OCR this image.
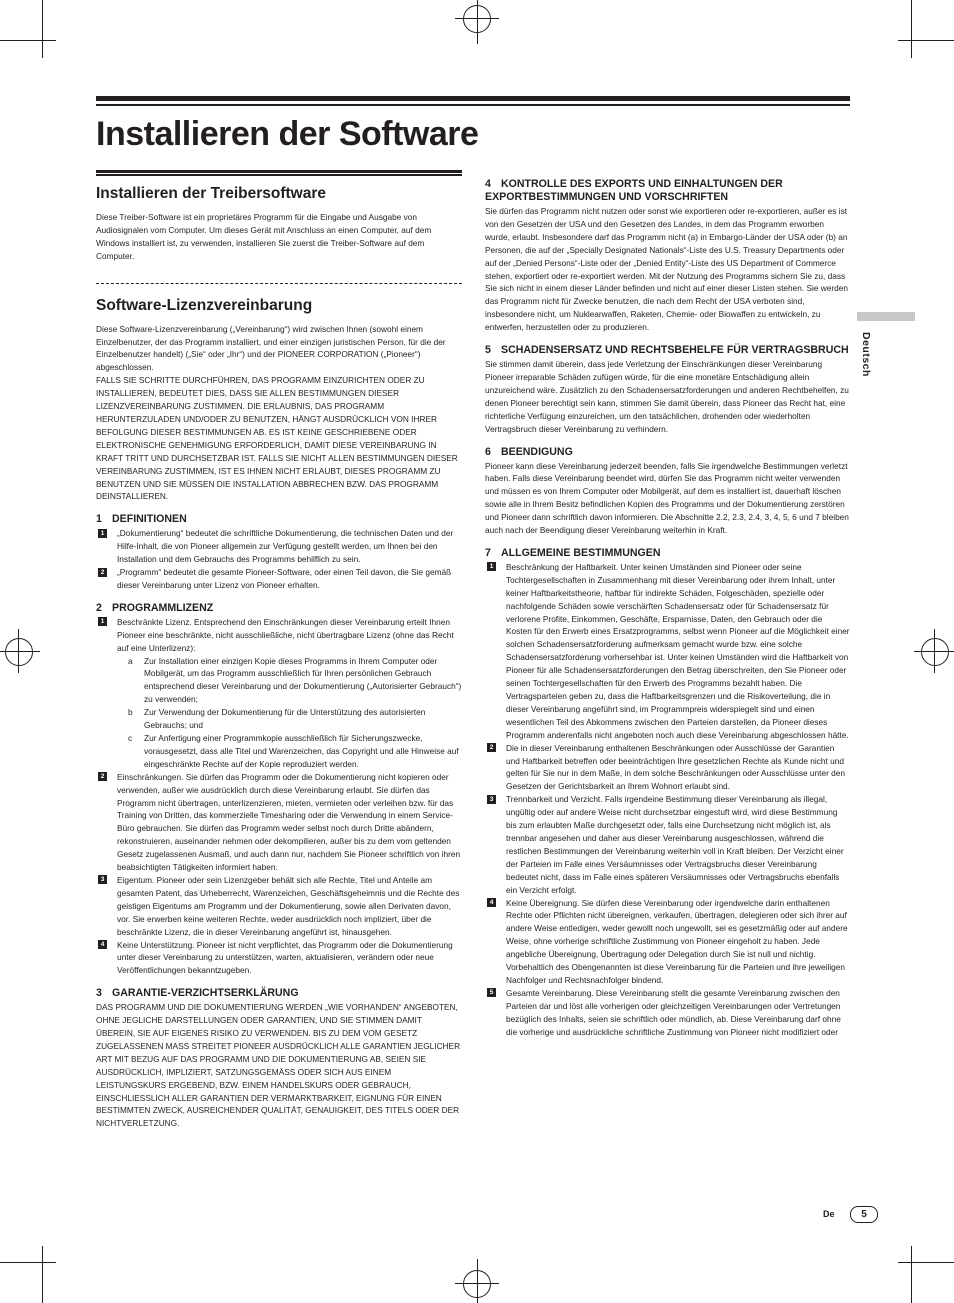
Installieren der Software
Deutsch
Installieren der Treibersoftware

Diese Treiber-Software ist ein proprietäres Programm für die Eingabe und Ausgabe von Audiosignalen vom Computer. Um dieses Gerät mit Anschluss an einen Computer, auf dem Windows installiert ist, zu verwenden, installieren Sie zuerst die Treiber-Software auf dem Computer.

Software-Lizenzvereinbarung

Diese Software-Lizenzvereinbarung („Vereinbarung“) wird zwischen Ihnen (sowohl einem Einzelbenutzer, der das Programm installiert, und einer einzigen juristischen Person, für die der Einzelbenutzer handelt) („Sie“ oder „Ihr“) und der PIONEER CORPORATION („Pioneer“) abgeschlossen.

FALLS SIE SCHRITTE DURCHFÜHREN, DAS PROGRAMM EINZURICHTEN ODER ZU INSTALLIEREN, BEDEUTET DIES, DASS SIE ALLEN BESTIMMUNGEN DIESER LIZENZVEREINBARUNG ZUSTIMMEN. DIE ERLAUBNIS, DAS PROGRAMM HERUNTERZULADEN UND/ODER ZU BENUTZEN, HÄNGT AUSDRÜCKLICH VON IHRER BEFOLGUNG DIESER BESTIMMUNGEN AB. ES IST KEINE GESCHRIEBENE ODER ELEKTRONISCHE GENEHMIGUNG ERFORDERLICH, DAMIT DIESE VEREINBARUNG IN KRAFT TRITT UND DURCHSETZBAR IST. FALLS SIE NICHT ALLEN BESTIMMUNGEN DIESER VEREINBARUNG ZUSTIMMEN, IST ES IHNEN NICHT ERLAUBT, DIESES PROGRAMM ZU BENUTZEN UND SIE MÜSSEN DIE INSTALLATION ABBRECHEN BZW. DAS PROGRAMM DEINSTALLIEREN.

1 DEFINITIONEN
1	„Dokumentierung“ bedeutet die schriftliche Dokumentierung, die technischen Daten und der Hilfe-Inhalt, die von Pioneer allgemein zur Verfügung gestellt werden, um Ihnen bei den Installation und dem Gebrauchs des Programms behilflich zu sein.
2	„Programm“ bedeutet die gesamte Pioneer-Software, oder einen Teil davon, die Sie gemäß dieser Vereinbarung unter Lizenz von Pioneer erhalten.
2 PROGRAMMLIZENZ
1	Beschränkte Lizenz. Entsprechend den Einschränkungen dieser Vereinbarung erteilt Ihnen Pioneer eine beschränkte, nicht ausschließliche, nicht übertragbare Lizenz (ohne das Recht auf eine Unterlizenz):
a Zur Installation einer einzigen Kopie dieses Programms in Ihrem Computer oder Mobilgerät, um das Programm ausschließlich für Ihren persönlichen Gebrauch entsprechend dieser Vereinbarung und der Dokumentierung („Autorisierter Gebrauch“) zu verwenden;
b Zur Verwendung der Dokumentierung für die Unterstützung des autorisierten Gebrauchs; und
c Zur Anfertigung einer Programmkopie ausschließlich für Sicherungszwecke, vorausgesetzt, dass alle Titel und Warenzeichen, das Copyright und alle Hinweise auf eingeschränkte Rechte auf der Kopie reproduziert werden.
2	Einschränkungen. Sie dürfen das Programm oder die Dokumentierung nicht kopieren oder verwenden, außer wie ausdrücklich durch diese Vereinbarung erlaubt. Sie dürfen das Programm nicht übertragen, unterlizenzieren, mieten, vermieten oder verleihen bzw. für das Training von Dritten, das kommerzielle Timesharing oder die Verwendung in einem Service-Büro gebrauchen. Sie dürfen das Programm weder selbst noch durch Dritte abändern, rekonstruieren, auseinander nehmen oder dekompilieren, außer bis zu dem vom geltenden Gesetz zugelassenen Ausmaß, und auch dann nur, nachdem Sie Pioneer schriftlich von ihren beabsichtigten Tätigkeiten informiert haben.
3	Eigentum. Pioneer oder sein Lizenzgeber behält sich alle Rechte, Titel und Anteile am gesamten Patent, das Urheberrecht, Warenzeichen, Geschäftsgeheimnis und die Rechte des geistigen Eigentums am Programm und der Dokumentierung, sowie allen Derivaten davon, vor. Sie erwerben keine weiteren Rechte, weder ausdrücklich noch impliziert, über die beschränkte Lizenz, die in dieser Vereinbarung angeführt ist, hinausgehen.
4	Keine Unterstützung. Pioneer ist nicht verpflichtet, das Programm oder die Dokumentierung unter dieser Vereinbarung zu unterstützen, warten, aktualisieren, verändern oder neue Veröffentlichungen bekanntzugeben.
3 GARANTIE-VERZICHTSERKLÄRUNG

DAS PROGRAMM UND DIE DOKUMENTIERUNG WERDEN „WIE VORHANDEN“ ANGEBOTEN, OHNE JEGLICHE DARSTELLUNGEN ODER GARANTIEN, UND SIE STIMMEN DAMIT ÜBEREIN, SIE AUF EIGENES RISIKO ZU VERWENDEN. BIS ZU DEM VOM GESETZ ZUGELASSENEN MASS STREITET PIONEER AUSDRÜCKLICH ALLE GARANTIEN JEGLICHER ART MIT BEZUG AUF DAS PROGRAMM UND DIE DOKUMENTIERUNG AB, SEIEN SIE AUSDRÜCKLICH, IMPLIZIERT, SATZUNGSGEMÄSS ODER SICH AUS EINEM LEISTUNGSKURS ERGEBEND, BZW. EINEM HANDELSKURS ODER GEBRAUCH, EINSCHLIESSLICH ALLER GARANTIEN DER VERMARKTBARKEIT, EIGNUNG FÜR EINEN BESTIMMTEN ZWECK, AUSREICHENDER QUALITÄT, GENAUIGKEIT, DES TITELS ODER DER NICHTVERLETZUNG.

4 KONTROLLE DES EXPORTS UND EINHALTUNGEN DER EXPORTBESTIMMUNGEN UND VORSCHRIFTEN

Sie dürfen das Programm nicht nutzen oder sonst wie exportieren oder re-exportieren, außer es ist von den Gesetzen der USA und den Gesetzen des Landes, in dem das Programm erworben wurde, erlaubt. Insbesondere darf das Programm nicht (a) in Embargo-Länder der USA oder (b) an Personen, die auf der „Specially Designated Nationals“-Liste des U.S. Treasury Departments oder auf der „Denied Persons“-Liste oder der „Denied Entity“-Liste des US Department of Commerce stehen, exportiert oder re-exportiert werden. Mit der Nutzung des Programms sichern Sie zu, dass Sie sich nicht in einem dieser Länder befinden und nicht auf einer dieser Listen stehen. Sie werden das Programm nicht für Zwecke benutzen, die nach dem Recht der USA verboten sind, insbesondere nicht, um Nuklearwaffen, Raketen, Chemie- oder Biowaffen zu entwickeln, zu entwerfen, herzustellen oder zu produzieren.

5 SCHADENSERSATZ UND RECHTSBEHELFE FÜR VERTRAGSBRUCH

Sie stimmen damit überein, dass jede Verletzung der Einschränkungen dieser Vereinbarung Pioneer irreparable Schäden zufügen würde, für die eine monetäre Entschädigung allein unzureichend wäre. Zusätzlich zu den Schadensersatzforderungen und anderen Rechtbehelfen, zu denen Pioneer berechtigt sein kann, stimmen Sie damit überein, dass Pioneer das Recht hat, eine richterliche Verfügung einzureichen, um den tatsächlichen, drohenden oder wiederholten Vertragsbruch dieser Vereinbarung zu verhindern.

6 BEENDIGUNG

Pioneer kann diese Vereinbarung jederzeit beenden, falls Sie irgendwelche Bestimmungen verletzt haben. Falls diese Vereinbarung beendet wird, dürfen Sie das Programm nicht weiter verwenden und müssen es von Ihrem Computer oder Mobilgerät, auf dem es installiert ist, dauerhaft löschen sowie alle in Ihrem Besitz befindlichen Kopien des Programms und der Dokumentierung zerstören und Pioneer dann schriftlich davon informieren. Die Abschnitte 2.2, 2.3, 2.4, 3, 4, 5, 6 und 7 bleiben auch nach der Beendigung dieser Vereinbarung weiterhin in Kraft.

7 ALLGEMEINE BESTIMMUNGEN
1	Beschränkung der Haftbarkeit. Unter keinen Umständen sind Pioneer oder seine Tochtergesellschaften in Zusammenhang mit dieser Vereinbarung oder ihrem Inhalt, unter keiner Haftbarkeitstheorie, haftbar für indirekte Schäden, Folgeschäden, spezielle oder nachfolgende Schäden sowie verschärften Schadensersatz oder für Schadensersatz für verlorene Profite, Einkommen, Geschäfte, Ersparnisse, Daten, den Gebrauch oder die Kosten für den Erwerb eines Ersatzprogramms, selbst wenn Pioneer auf die Möglichkeit einer solchen Schadensersatzforderung aufmerksam gemacht wurde bzw. eine solche Schadensersatzforderung vorhersehbar ist. Unter keinen Umständen wird die Haftbarkeit von Pioneer für alle Schadensersatzforderungen den Betrag überschreiten, den Sie Pioneer oder seinen Tochtergesellschaften für den Erwerb des Programms bezahlt haben. Die Vertragsparteien geben zu, dass die Haftbarkeitsgrenzen und die Risikoverteilung, die in dieser Vereinbarung angeführt sind, im Programmpreis widerspiegelt sind und einen wesentlichen Teil des Abkommens zwischen den Parteien darstellen, da Pioneer dieses Programm anderenfalls nicht angeboten noch auch diese Vereinbarung abgeschlossen hätte.
2	Die in dieser Vereinbarung enthaltenen Beschränkungen oder Ausschlüsse der Garantien und Haftbarkeit betreffen oder beeinträchtigen Ihre gesetzlichen Rechte als Kunde nicht und gelten für Sie nur in dem Maße, in dem solche Beschränkungen oder Ausschlüsse unter den Gesetzen der Gerichtsbarkeit an Ihrem Wohnort erlaubt sind.
3	Trennbarkeit und Verzicht. Falls irgendeine Bestimmung dieser Vereinbarung als illegal, ungültig oder auf andere Weise nicht durchsetzbar eingestuft wird, wird diese Bestimmung bis zum erlaubten Maße durchgesetzt oder, falls eine Durchsetzung nicht möglich ist, als trennbar angesehen und daher aus dieser Vereinbarung ausgeschlossen, während die restlichen Bestimmungen der Vereinbarung weiterhin voll in Kraft bleiben. Der Verzicht einer der Parteien im Falle eines Versäumnisses oder Vertragsbruchs dieser Vereinbarung bedeutet nicht, dass im Falle eines späteren Versäumnisses oder Vertragsbruchs ebenfalls ein Verzicht erfolgt.
4	Keine Übereignung. Sie dürfen diese Vereinbarung oder irgendwelche darin enthaltenen Rechte oder Pflichten nicht übereignen, verkaufen, übertragen, delegieren oder sich ihrer auf andere Weise entledigen, weder gewollt noch ungewollt, sei es gesetzmäßig oder auf andere Weise, ohne vorherige schriftliche Zustimmung von Pioneer eingeholt zu haben. Jede angebliche Übereignung, Übertragung oder Delegation durch Sie ist null und nichtig. Vorbehaltlich des Obengenannten ist diese Vereinbarung für die Parteien und ihre jeweiligen Nachfolger und Rechtsnachfolger bindend.
5	Gesamte Vereinbarung. Diese Vereinbarung stellt die gesamte Vereinbarung zwischen den Parteien dar und löst alle vorherigen oder gleichzeitigen Vereinbarungen oder Vertretungen bezüglich des Inhalts, seien sie schriftlich oder mündlich, ab. Diese Vereinbarung darf ohne die vorherige und ausdrückliche schriftliche Zustimmung von Pioneer nicht modifiziert oder
De	5
